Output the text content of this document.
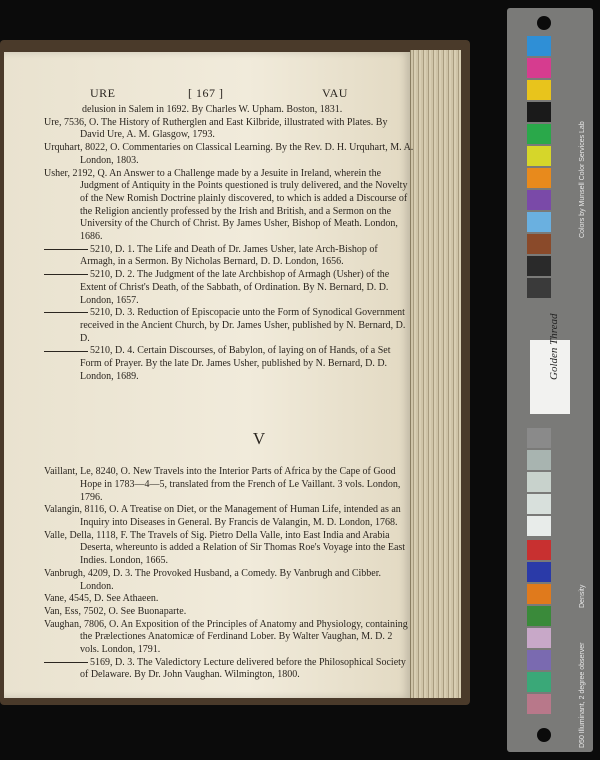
URE	[ 167 ]	VAU

delusion in Salem in 1692. By Charles W. Upham. Boston, 1831.

Ure, 7536, O. The History of Rutherglen and East Kilbride, illustrated with Plates. By David Ure, A. M. Glasgow, 1793.

Urquhart, 8022, O. Commentaries on Classical Learning. By the Rev. D. H. Urquhart, M. A. London, 1803.

Usher, 2192, Q. An Answer to a Challenge made by a Jesuite in Ireland, wherein the Judgment of Antiquity in the Points questioned is truly delivered, and the Novelty of the New Romish Doctrine plainly discovered, to which is added a Discourse of the Religion anciently professed by the Irish and British, and a Sermon on the University of the Church of Christ. By James Usher, Bishop of Meath. London, 1686.

5210, D. 1. The Life and Death of Dr. James Usher, late Arch-Bishop of Armagh, in a Sermon. By Nicholas Bernard, D. D. London, 1656.

5210, D. 2. The Judgment of the late Archbishop of Armagh (Usher) of the Extent of Christ's Death, of the Sabbath, of Ordination. By N. Bernard, D. D. London, 1657.

5210, D. 3. Reduction of Episcopacie unto the Form of Synodical Government received in the Ancient Church, by Dr. James Usher, published by N. Bernard, D. D.

5210, D. 4. Certain Discourses, of Babylon, of laying on of Hands, of a Set Form of Prayer. By the late Dr. James Usher, published by N. Bernard, D. D. London, 1689.

V

Vaillant, Le, 8240, O. New Travels into the Interior Parts of Africa by the Cape of Good Hope in 1783—4—5, translated from the French of Le Vaillant. 3 vols. London, 1796.

Valangin, 8116, O. A Treatise on Diet, or the Management of Human Life, intended as an Inquiry into Diseases in General. By Francis de Valangin, M. D. London, 1768.

Valle, Della, 1118, F. The Travels of Sig. Pietro Della Valle, into East India and Arabia Deserta, whereunto is added a Relation of Sir Thomas Roe's Voyage into the East Indies. London, 1665.

Vanbrugh, 4209, D. 3. The Provoked Husband, a Comedy. By Vanbrugh and Cibber. London.

Vane, 4545, D. See Athaeen.

Van, Ess, 7502, O. See Buonaparte.

Vaughan, 7806, O. An Exposition of the Principles of Anatomy and Physiology, containing the Prælectiones Anatomicæ of Ferdinand Lober. By Walter Vaughan, M. D. 2 vols. London, 1791.

5169, D. 3. The Valedictory Lecture delivered before the Philosophical Society of Delaware. By Dr. John Vaughan. Wilmington, 1800.

Colors by Munsell Color Services Lab
D50 Illuminant, 2 degree observer
Density
Golden Thread
